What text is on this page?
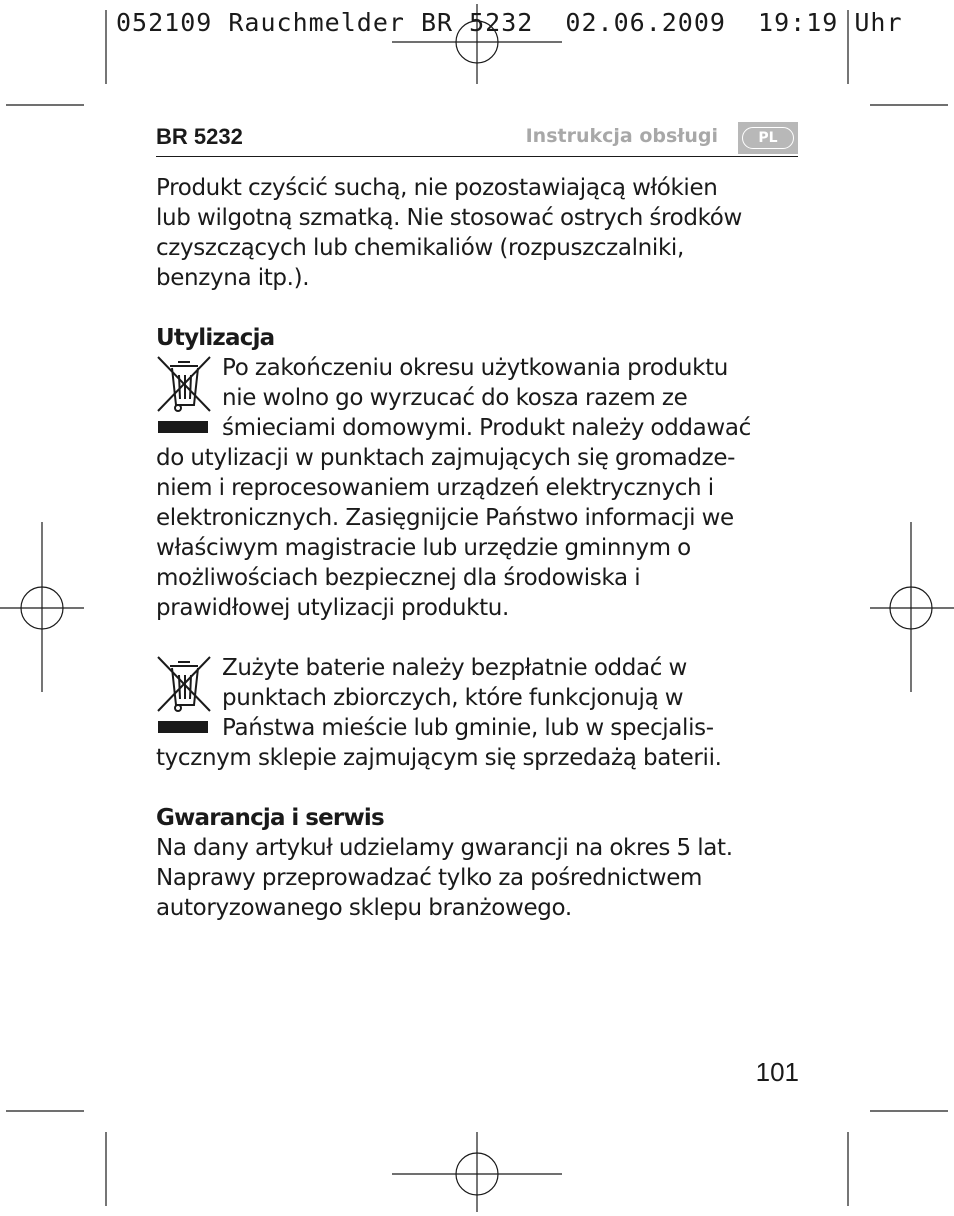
052109 Rauchmelder BR 5232  02.06.2009  19:19 Uhr
BR 5232	Instrukcja obsługi	PL
Produkt czyścić suchą, nie pozostawiającą włókien
lub wilgotną szmatką. Nie stosować ostrych środków
czyszczących lub chemikaliów (rozpuszczalniki,
benzyna itp.).
Utylizacja
Po zakończeniu okresu użytkowania produktu
nie wolno go wyrzucać do kosza razem ze
śmieciami domowymi. Produkt należy oddawać
do utylizacji w punktach zajmujących się gromadze-
niem i reprocesowaniem urządzeń elektrycznych i
elektronicznych. Zasięgnijcie Państwo informacji we
właściwym magistracie lub urzędzie gminnym o
możliwościach bezpiecznej dla środowiska i
prawidłowej utylizacji produktu.
Zużyte baterie należy bezpłatnie oddać w
punktach zbiorczych, które funkcjonują w
Państwa mieście lub gminie, lub w specjalis-
tycznym sklepie zajmującym się sprzedażą baterii.
Gwarancja i serwis
Na dany artykuł udzielamy gwarancji na okres 5 lat.
Naprawy przeprowadzać tylko za pośrednictwem
autoryzowanego sklepu branżowego.
101
